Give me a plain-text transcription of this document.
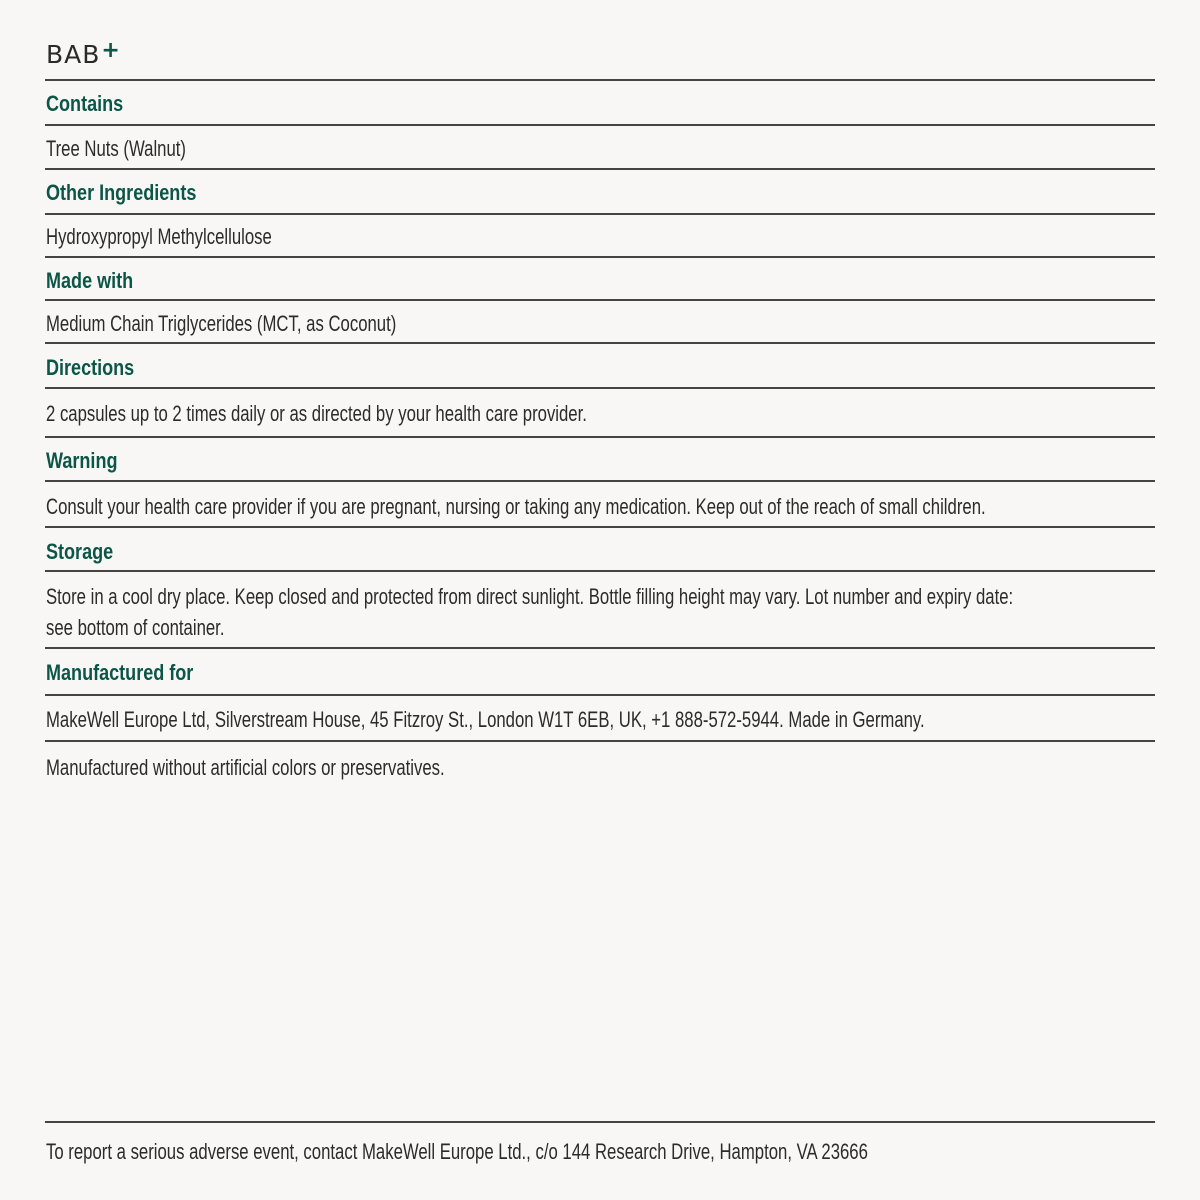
BAB+
Contains
Tree Nuts (Walnut)
Other Ingredients
Hydroxypropyl Methylcellulose
Made with
Medium Chain Triglycerides (MCT, as Coconut)
Directions
2 capsules up to 2 times daily or as directed by your health care provider.
Warning
Consult your health care provider if you are pregnant, nursing or taking any medication. Keep out of the reach of small children.
Storage
Store in a cool dry place. Keep closed and protected from direct sunlight. Bottle filling height may vary. Lot number and expiry date:
see bottom of container.
Manufactured for
MakeWell Europe Ltd, Silverstream House, 45 Fitzroy St., London W1T 6EB, UK, +1 888-572-5944. Made in Germany.
Manufactured without artificial colors or preservatives.
To report a serious adverse event, contact MakeWell Europe Ltd., c/o 144 Research Drive, Hampton, VA 23666
